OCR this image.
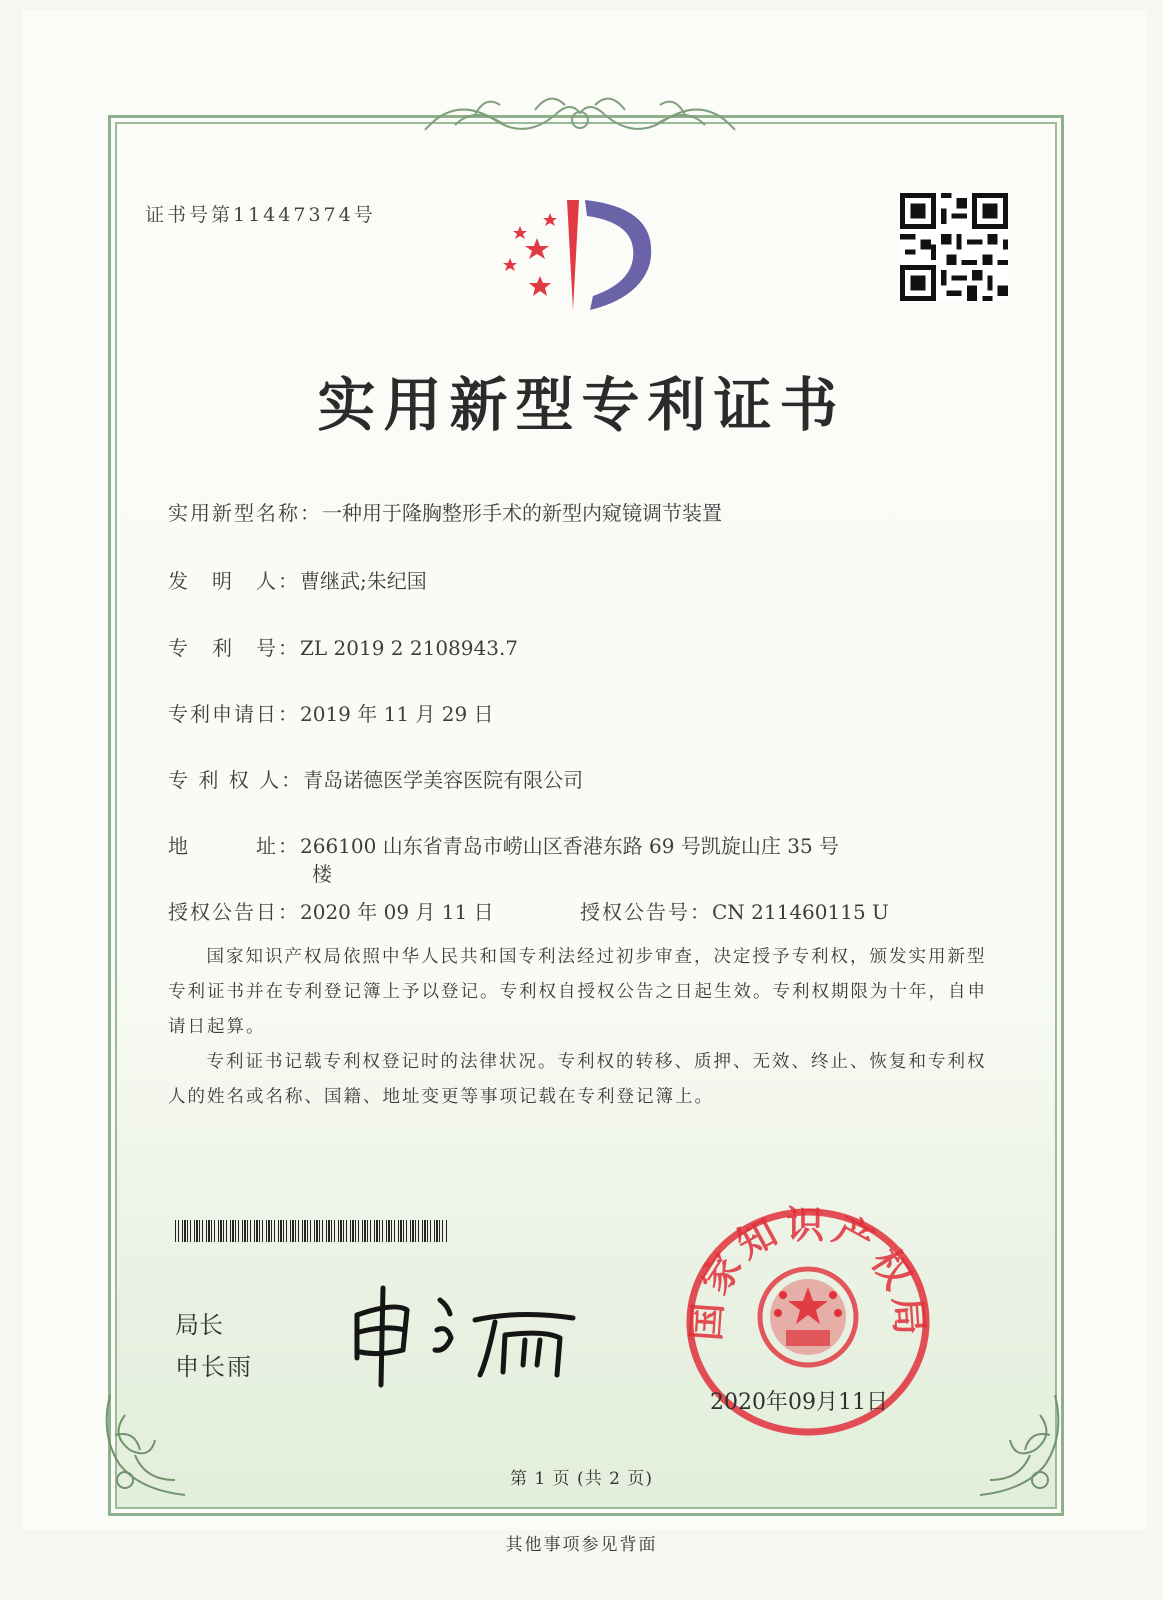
证书号第11447374号
实用新型专利证书
实用新型名称：一种用于隆胸整形手术的新型内窥镜调节装置
发　明　人：曹继武;朱纪国
专　利　号：ZL 2019 2 2108943.7
专利申请日：2019 年 11 月 29 日
专 利 权 人：青岛诺德医学美容医院有限公司
地　　　址：266100 山东省青岛市崂山区香港东路 69 号凯旋山庄 35 号
楼
授权公告日：2020 年 09 月 11 日	授权公告号：CN 211460115 U

国家知识产权局依照中华人民共和国专利法经过初步审查，决定授予专利权，颁发实用新型专利证书并在专利登记簿上予以登记。专利权自授权公告之日起生效。专利权期限为十年，自申请日起算。

专利证书记载专利权登记时的法律状况。专利权的转移、质押、无效、终止、恢复和专利权人的姓名或名称、国籍、地址变更等事项记载在专利登记簿上。

局长
申长雨
国家知识产权局
2020年09月11日
第 1 页 (共 2 页)
其他事项参见背面
